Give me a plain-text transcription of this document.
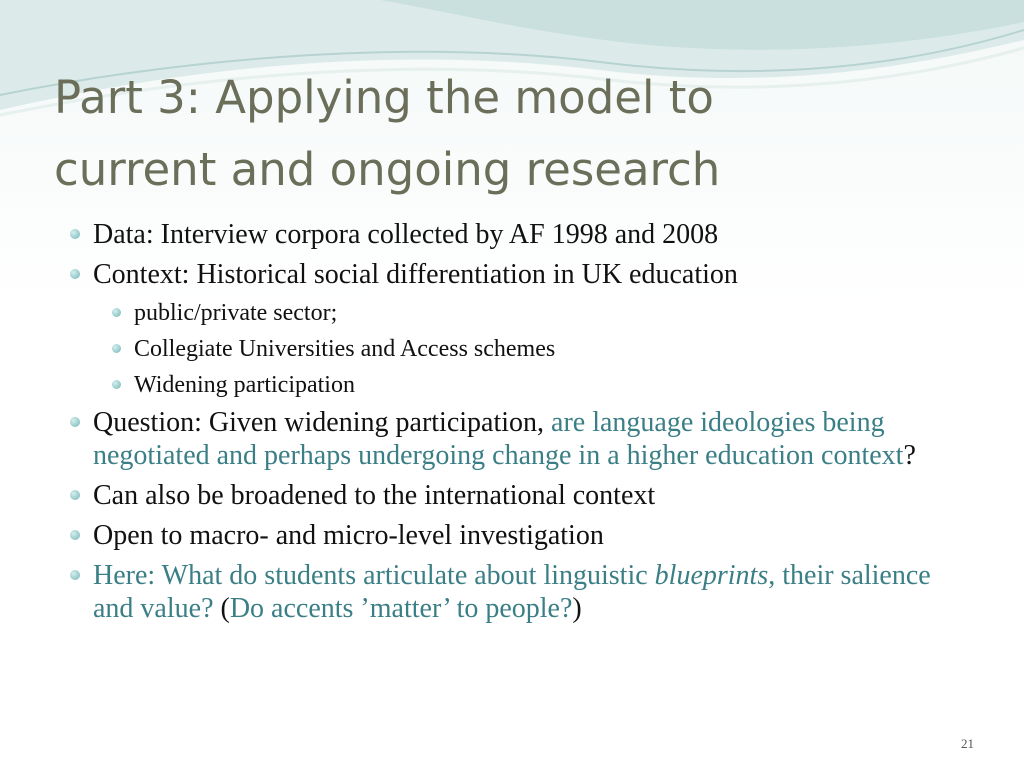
Part 3: Applying the model to
current and ongoing research
Data: Interview corpora collected by AF 1998 and 2008
Context: Historical social differentiation in UK education
public/private sector;
Collegiate Universities and Access schemes
Widening participation
Question: Given widening participation, are language ideologies being negotiated and perhaps undergoing change in a higher education context?
Can also be broadened to the international context
Open to macro- and micro-level investigation
Here: What do students articulate about linguistic blueprints, their salience and value? (Do accents ’matter’ to people?)
21
